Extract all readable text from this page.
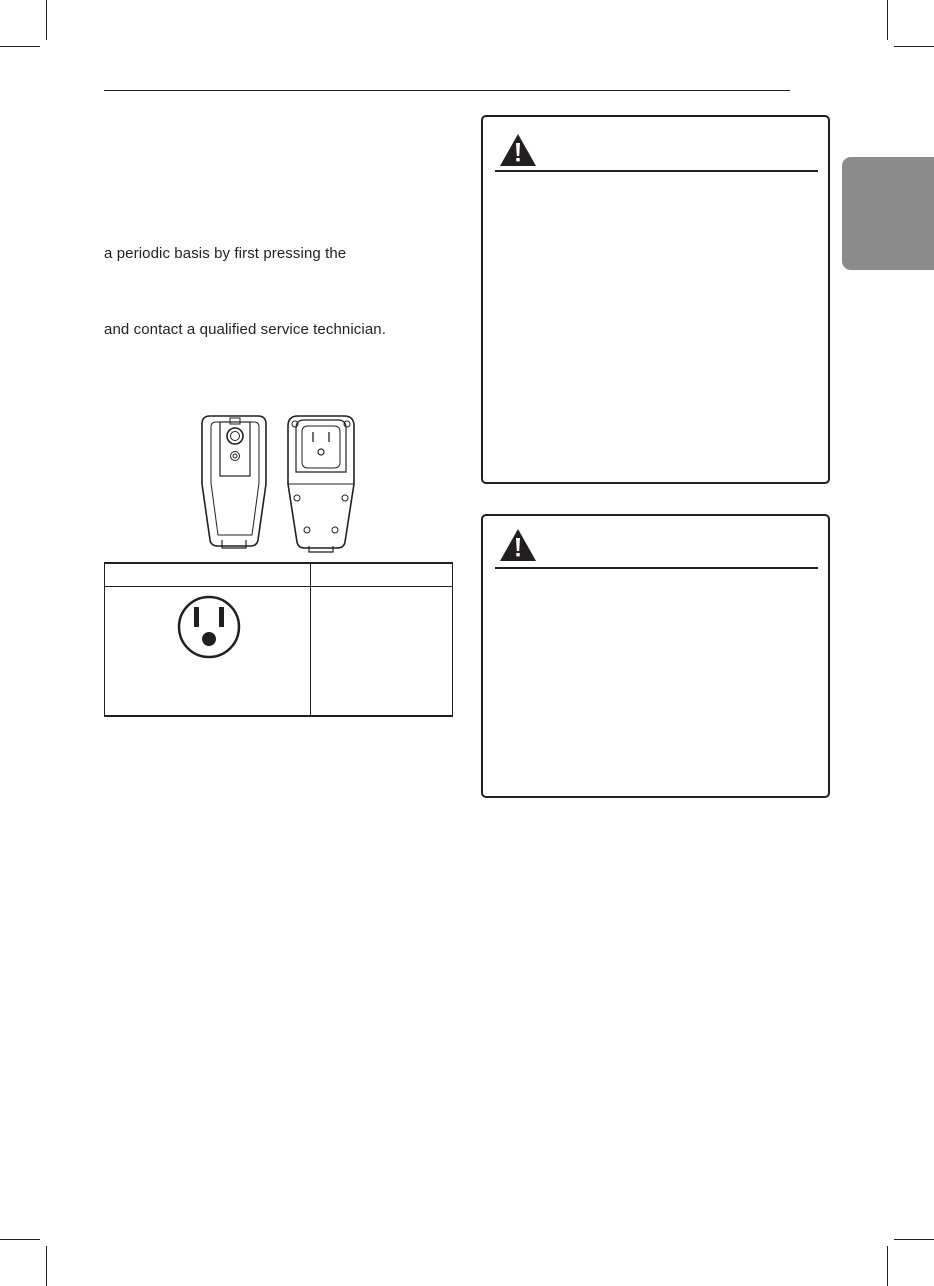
a periodic basis by first pressing the
and contact a qualified service technician.
